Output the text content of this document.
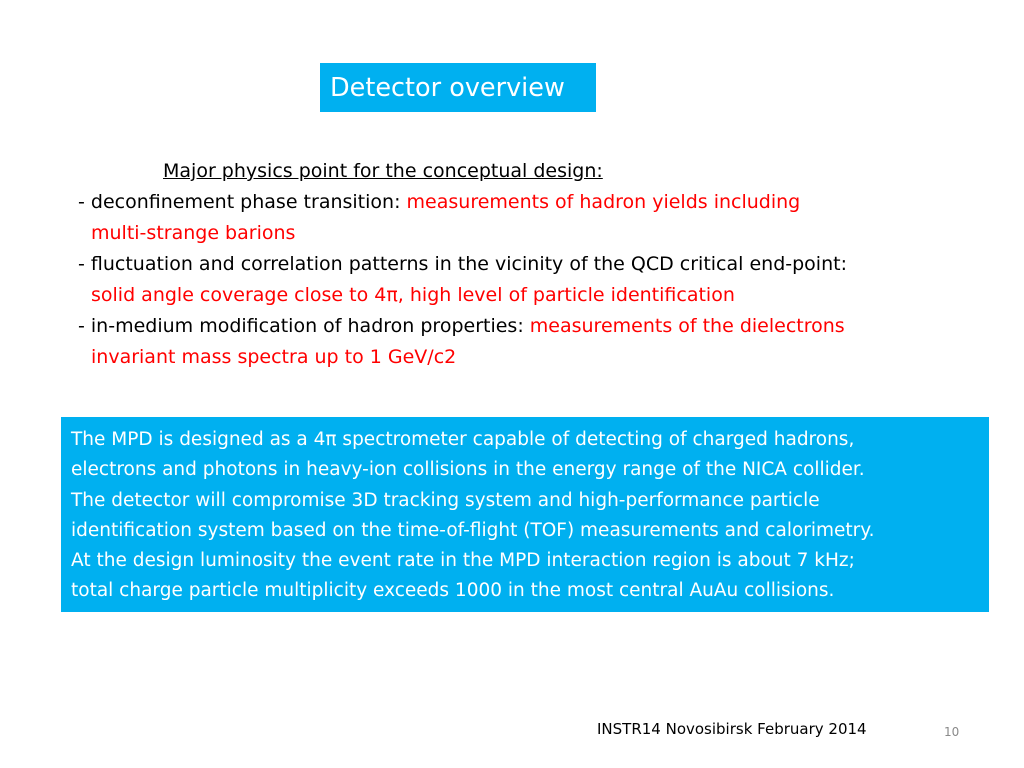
Detector overview
Major physics point for the conceptual design:
- deconfinement phase transition: measurements of hadron yields including
multi-strange barions
- fluctuation and correlation patterns in the vicinity of the QCD critical end-point:
solid angle coverage close to 4π, high level of particle identification
- in-medium modification of hadron properties: measurements of the dielectrons
invariant mass spectra up to 1 GeV/c2
The MPD is designed as a 4π spectrometer capable of detecting of charged hadrons,
electrons and photons in heavy-ion collisions in the energy range of the NICA collider.
The detector will compromise 3D tracking system and high-performance particle
identification system based on the time-of-flight (TOF) measurements and calorimetry.
At the design luminosity the event rate in the MPD interaction region is about 7 kHz;
total charge particle multiplicity exceeds 1000 in the most central AuAu collisions.
INSTR14 Novosibirsk February 2014	10
